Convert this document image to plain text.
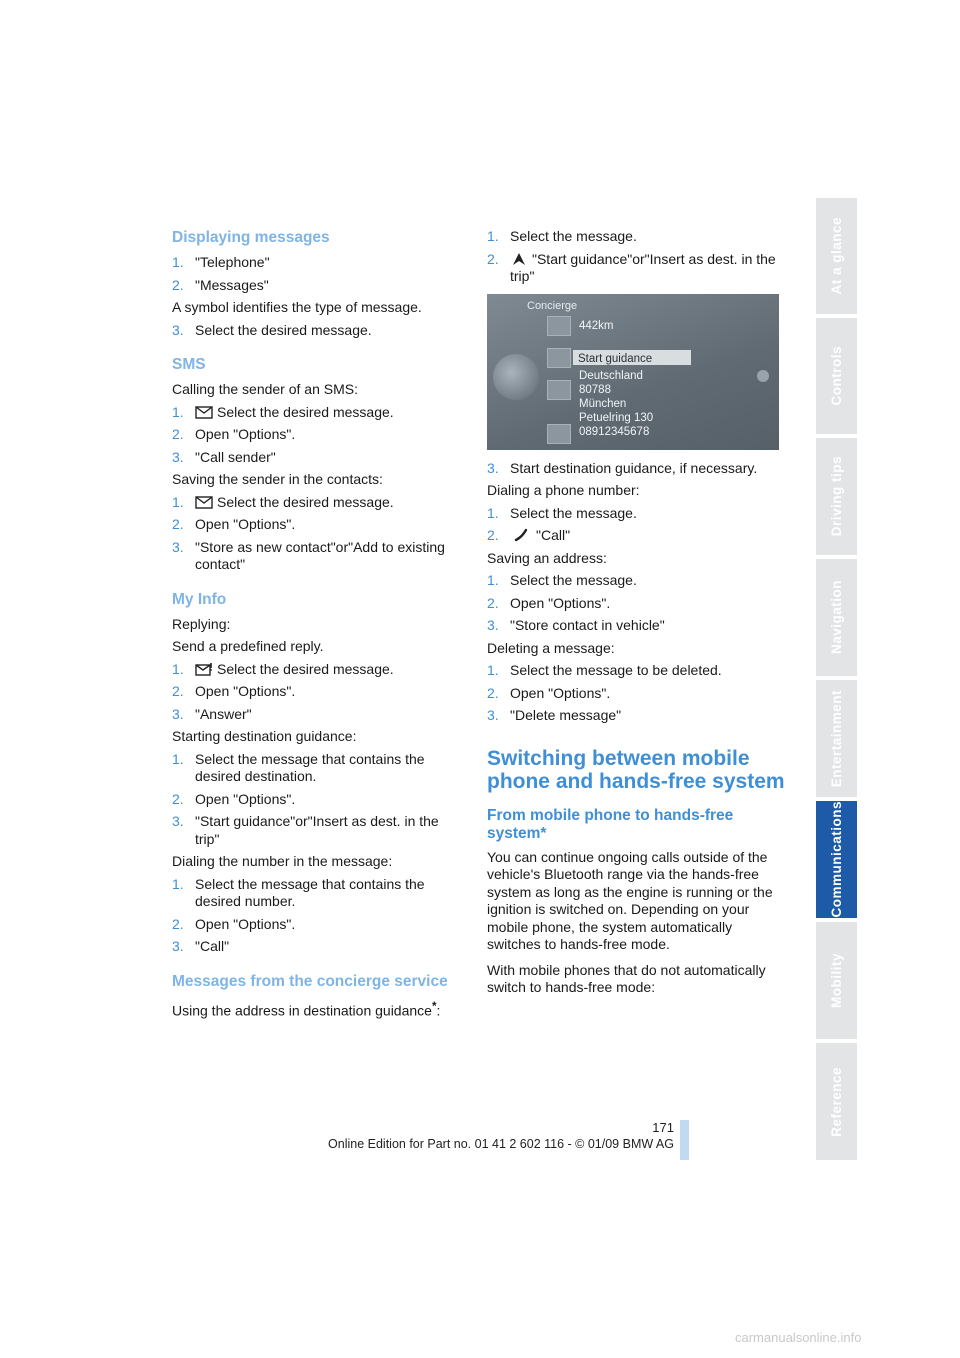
Displaying messages
1. "Telephone"
2. "Messages"
A symbol identifies the type of message.
3. Select the desired message.
SMS
Calling the sender of an SMS:
1. Select the desired message.
2. Open "Options".
3. "Call sender"
Saving the sender in the contacts:
1. Select the desired message.
2. Open "Options".
3. "Store as new contact"or"Add to existing contact"
My Info
Replying:
Send a predefined reply.
1. Select the desired message.
2. Open "Options".
3. "Answer"
Starting destination guidance:
1. Select the message that contains the desired destination.
2. Open "Options".
3. "Start guidance"or"Insert as dest. in the trip"
Dialing the number in the message:
1. Select the message that contains the desired number.
2. Open "Options".
3. "Call"
Messages from the concierge service
Using the address in destination guidance*:
1. Select the message.
2. "Start guidance"or"Insert as dest. in the trip"
Concierge
442km
Deutschland
80788
München
Petuelring 130
08912345678
Start guidance
3. Start destination guidance, if necessary.
Dialing a phone number:
1. Select the message.
2.	"Call"
Saving an address:
1. Select the message.
2. Open "Options".
3. "Store contact in vehicle"
Deleting a message:
1. Select the message to be deleted.
2. Open "Options".
3. "Delete message"
Switching between mobile phone and hands-free system
From mobile phone to hands-free system*
You can continue ongoing calls outside of the vehicle's Bluetooth range via the hands-free system as long as the engine is running or the ignition is switched on. Depending on your mobile phone, the system automatically switches to hands-free mode.
With mobile phones that do not automatically switch to hands-free mode:
At a glance
Controls
Driving tips
Navigation
Entertainment
Communications
Mobility
Reference
171
Online Edition for Part no. 01 41 2 602 116 - © 01/09 BMW AG
carmanualsonline.info
